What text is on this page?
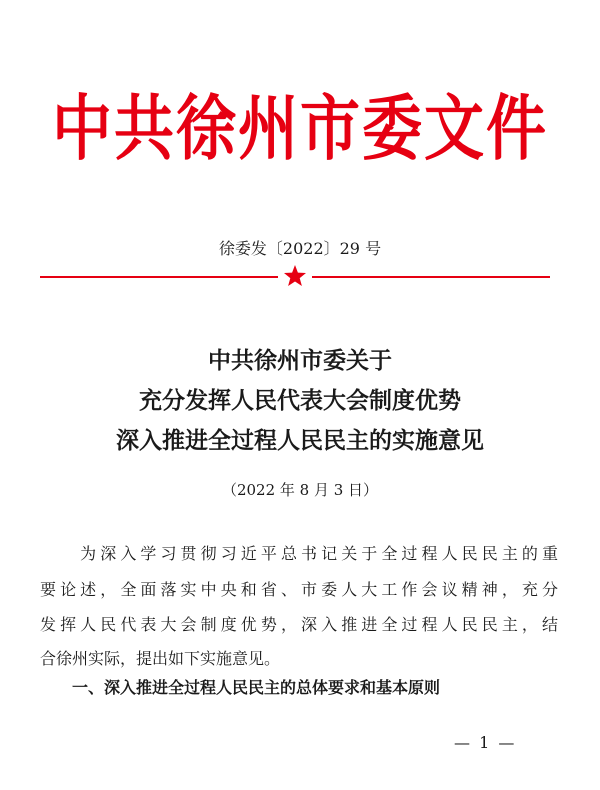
中共徐州市委文件
徐委发〔2022〕29 号
中共徐州市委关于
充分发挥人民代表大会制度优势
深入推进全过程人民民主的实施意见
（2022 年 8 月 3 日）
　　为深入学习贯彻习近平总书记关于全过程人民民主的重
要论述，全面落实中央和省、市委人大工作会议精神，充分
发挥人民代表大会制度优势，深入推进全过程人民民主，结
合徐州实际，提出如下实施意见。
一、深入推进全过程人民民主的总体要求和基本原则
— 1 —
